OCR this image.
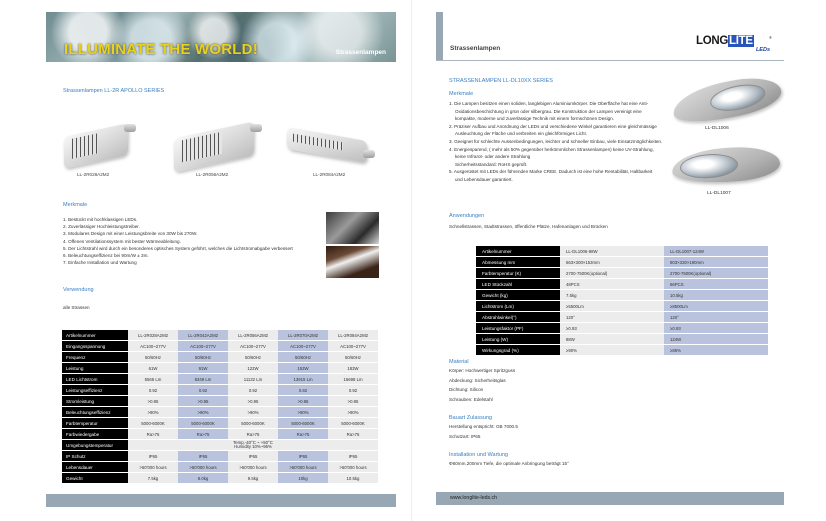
ILLUMINATE THE WORLD!	Strassenlampen
Strassenlampen LL-2R APOLLO SERIES
LL-2R028A2M2	LL-2R056A2M2	LL-2R084A2M2
Merkmale
1. Bestückt mit hochklassigen LEDs.
2. Zuverlässiger Hochleistungstreiber.
3. Modulares Design mit einer Leistungsbreite von 30W bis 270W.
4. Offenes Ventilationssystem mit bester Wärmeableitung.
5. Der Lichtstrahl wird durch ein besonderes optisches System geführt, welches die Lichtstromabgabe verbessert
6. Beleuchtungseffizienz bei 90m/W ± 3m.
7. Einfache Installation und Wartung
Verwendung
alle Strassen
Artikelnummer	LL-2R028A2M2	LL-2R042A2M2	LL-2R056A2M2	LL-2R070A2M2	LL-2R084A2M2
Eingangsspannung	AC100~277V	AC100~277V	AC100~277V	AC100~277V	AC100~277V
Frequenz	50/60Hz	50/60Hz	50/60Hz	50/60Hz	50/60Hz
Leistung	61W	91W	122W	153W	183W
LED Lichtstrom	5566 Lm	8349 Lm	11132 Lm	13915 Lm	16698 Lm
Leistungseffizienz	0.92	0.92	0.92	0.92	0.92
Stromleistung	>0.95	>0.95	>0.95	>0.95	>0.95
Beleuchtungseffizienz	>90%	>90%	>90%	>90%	>90%
Farbtemperatur	5000-6000K	5000-6000K	5000-6000K	5000-6000K	5000-6000K
Farbwiedergabe	Ra>75	Ra>75	Ra>75	Ra>75	Ra>75
Umgebungstemperatur	Temp.-40°C ~ +50°C
Humidity 10%~95%				

IP Schutz	IP65	IP65	IP65	IP65	IP65
Lebensdauer	>50'000 hours	>50'000 hours	>50'000 hours	>50'000 hours	>50'000 hours
Gewicht	7.5kg	8.0kg	9.5kg	10kg	10.5kg
Strassenlampen
LONGLITE	®
LEDs
STRASSENLAMPEN LL-DL10XX SERIES
Merkmale
1. Die Lampen besitzen einen soliden, langlebigen Aluminiumkörper. Die Oberfläche hat eine Anti-
Oxidationsbeschichtung in grün oder silbergrau. Die Konstruktion der Lampen vereinigt eine
kompakte, moderne und zuverlässige Technik mit einem formschönen Design.
2. Präziser Aufbau und Anordnung der LEDs und verschiedene Winkel garantieren eine gleichmässige
Ausleuchtung der Fläche und verbreiten ein gleichförmiges Licht.
3. Geeignet für schlechte Aussenbedingungen, leichter und schneller Einbau, viele Einsatzmöglichkeiten.
4. Energiesparend, ( mehr als 50% gegenüber herkömmlichen Strassenlampen) keine UV-Strahlung,
keine Infrarot- oder andere Strahlung
Sicherheitsstandard: RoHS geprüft.
5. Ausgerüstet mit LEDs der führenden Marke CREE. Dadurch ist eine hohe Rentabilität, Haltbarkeit
und Lebensdauer garantiert.
LL-DL1006
LL-DL1007
Anwendungen
Schnellstrassen, Stadtstrassen, öffentliche Plätze, Hafenanlagen und Brücken
Artikelnummer	LL-DL1006-88W	LL-DL1007-124W
Abmessung mm	663×300×153mm	803×330×190mm
Farbtemperatur (K)	2700-7500K(optional)	2700-7500K(optional)
LED Stückzahl	48PCS	66PCS
Gewicht (kg)	7.5kg	10.5kg
Lichtstrom (Lm)	≥5500Lm	≥8500Lm
Abstrahlwinkel(°)	120°	120°
Leistungsfaktor (PF)	≥0.93	≥0.93
Leistung (W)	88W	124W
Wirkungsgrad (%)	≥90%	≥85%
Material
Körper: Hochwertiger Spritzguss
Abdeckung: Sicherheitsglas
Dichtung: Silicon
Schrauben: Edelstahl
Bauart Zulassung
Herstellung entspricht: GB 7000.5
Schutzart: IP65
Installation und Wartung
Φ60mm,200mm Tiefe, die optimale Anbringung beträgt 15°
www.longlite-leds.ch
